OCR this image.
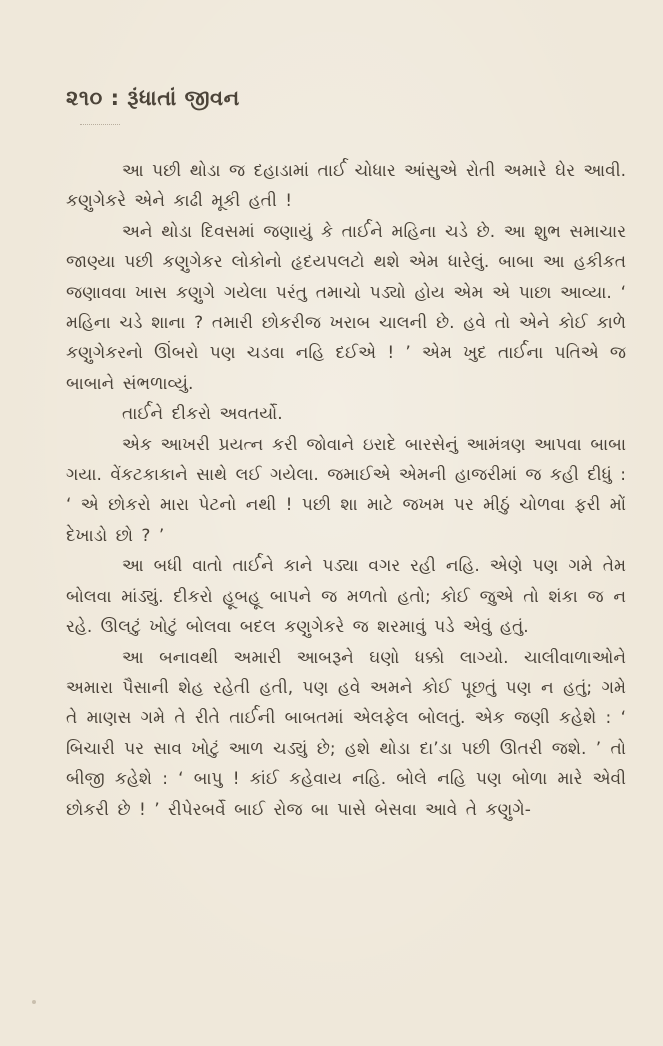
૨૧૦ : રૂંધાતાં જીવન

આ પછી થોડા જ દહાડામાં તાર્ઈ ચોધાર આંસુએ રોતી અમારે ઘેર આવી. કણુગેકરે એને કાઢી મૂકી હતી !

અને થોડા દિવસમાં જણાયું કે તાર્ઈને મહિના ચડે છે. આ શુભ સમાચાર જાણ્યા પછી કણુગેકર લોકોનો હૃદયપલટો થશે એમ ધારેલું. બાબા આ હકીકત જણાવવા ખાસ કણુગે ગયેલા પરંતુ તમાચો પડ્યો હોય એમ એ પાછા આવ્યા. ‘ મહિના ચડે શાના ? તમારી છોકરીજ ખરાબ ચાલની છે. હવે તો એને કોઈ કાળે કણુગેકરનો ઊંબરો પણ ચડવા નહિ દઈએ ! ’ એમ ખુદ તાર્ઈના પતિએ જ બાબાને સંભળાવ્યું.

તાર્ઈને દીકરો અવતર્યો.

એક આખરી પ્રયત્ન કરી જોવાને ઇરાદે બારસેનું આમંત્રણ આપવા બાબા ગયા. વેંકટકાકાને સાથે લઈ ગયેલા. જમાઈએ એમની હાજરીમાં જ કહી દીધું : ‘ એ છોકરો મારા પેટનો નથી ! પછી શા માટે જખમ પર મીઠું ચોળવા ફરી મોં દેખાડો છો ? ’

આ બધી વાતો તાર્ઈને કાને પડ્યા વગર રહી નહિ. એણે પણ ગમે તેમ બોલવા માંડ્યું. દીકરો હૂબહૂ બાપને જ મળતો હતો; કોઈ જુએ તો શંકા જ ન રહે. ઊલટું ખોટું બોલવા બદલ કણુગેકરે જ શરમાવું પડે એવું હતું.

આ બનાવથી અમારી આબરૂને ઘણો ધક્કો લાગ્યો. ચાલીવાળાઓને અમારા પૈસાની શેહ રહેતી હતી, પણ હવે અમને કોઈ પૂછતું પણ ન હતું; ગમે તે માણસ ગમે તે રીતે તાર્ઈની બાબતમાં એલફેલ બોલતું. એક જણી કહેશે : ‘ બિચારી પર સાવ ખોટું આળ ચડ્યું છે; હશે થોડા દા’ડા પછી ઊતરી જશે. ’ તો બીજી કહેશે : ‘ બાપુ ! કાંઈ કહેવાય નહિ. બોલે નહિ પણ બોળા મારે એવી છોકરી છે ! ’ રીપેરબર્વે બાઈ રોજ બા પાસે બેસવા આવે તે કણુગે-
